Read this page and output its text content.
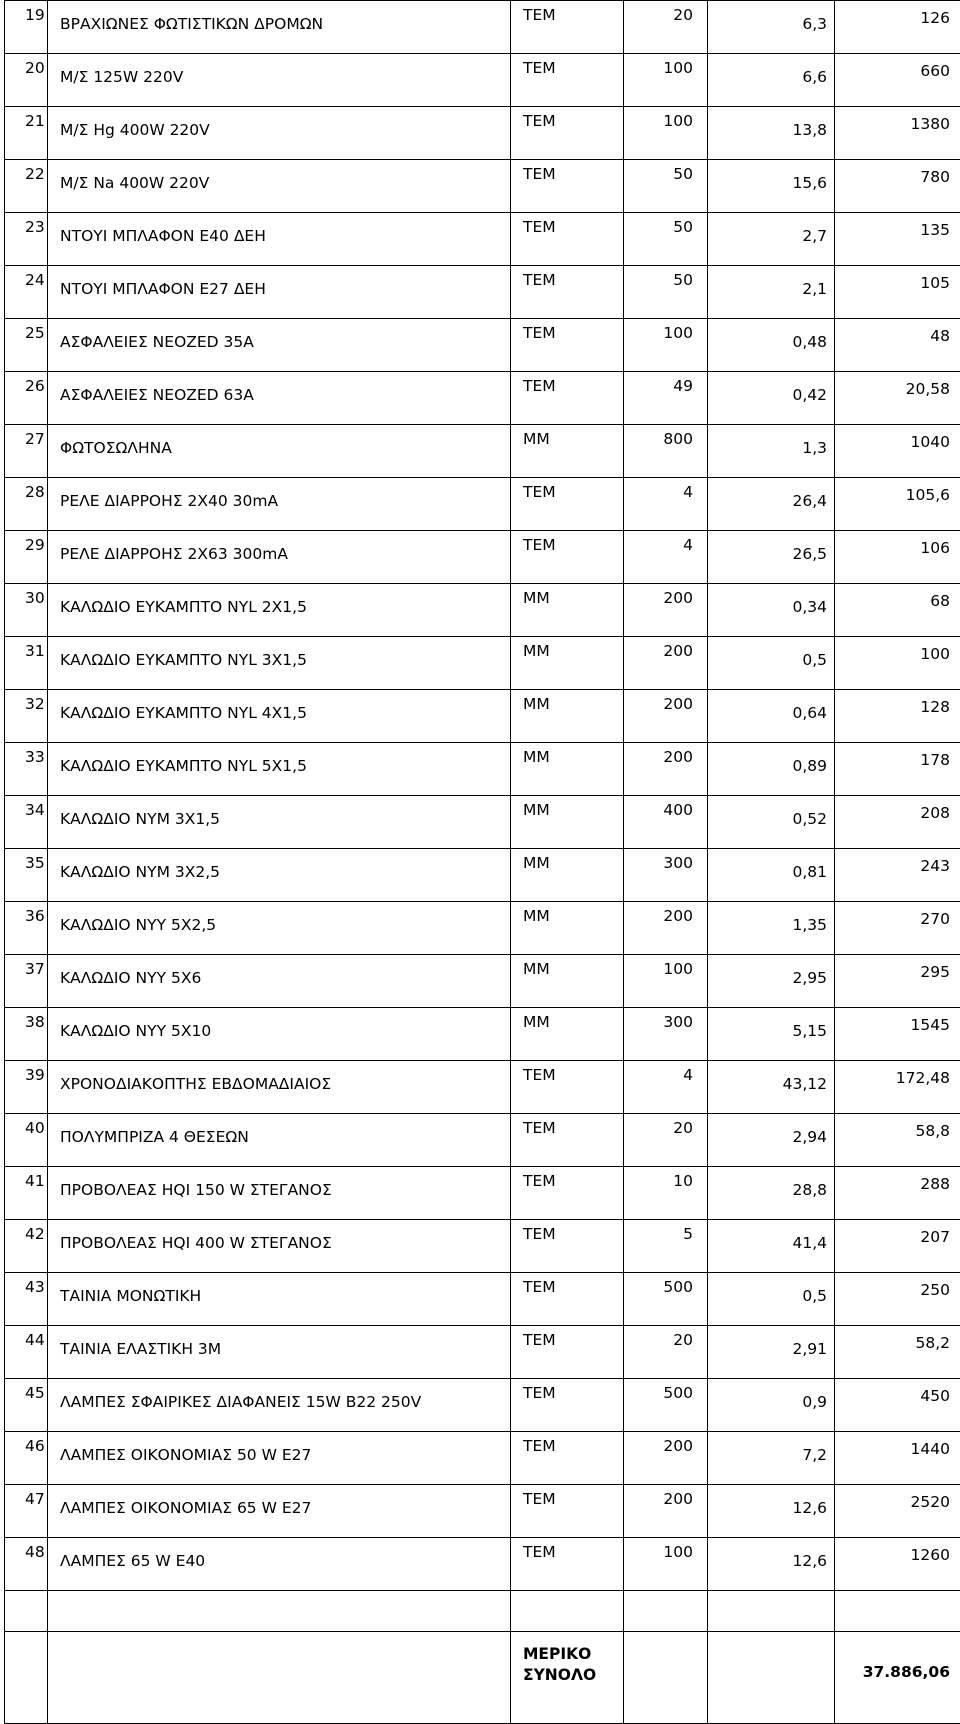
19	ΒΡΑΧΙΩΝΕΣ ΦΩΤΙΣΤΙΚΩΝ ΔΡΟΜΩΝ	ΤΕΜ	20	6,3	126
20	Μ/Σ 125W 220V	ΤΕΜ	100	6,6	660
21	Μ/Σ Hg 400W 220V	ΤΕΜ	100	13,8	1380
22	Μ/Σ Na 400W 220V	ΤΕΜ	50	15,6	780
23	ΝΤΟΥΙ ΜΠΛΑΦΟΝ Ε40 ΔΕΗ	ΤΕΜ	50	2,7	135
24	ΝΤΟΥΙ ΜΠΛΑΦΟΝ Ε27 ΔΕΗ	ΤΕΜ	50	2,1	105
25	ΑΣΦΑΛΕΙΕΣ ΝΕΟΖED 35A	ΤΕΜ	100	0,48	48
26	ΑΣΦΑΛΕΙΕΣ ΝΕΟΖED 63A	ΤΕΜ	49	0,42	20,58
27	ΦΩΤΟΣΩΛΗΝΑ	ΜΜ	800	1,3	1040
28	ΡΕΛΕ ΔΙΑΡΡΟΗΣ 2Χ40 30mA	ΤΕΜ	4	26,4	105,6
29	ΡΕΛΕ ΔΙΑΡΡΟΗΣ 2Χ63 300mA	ΤΕΜ	4	26,5	106
30	ΚΑΛΩΔΙΟ ΕΥΚΑΜΠΤΟ NYL 2X1,5	ΜΜ	200	0,34	68
31	ΚΑΛΩΔΙΟ ΕΥΚΑΜΠΤΟ NYL 3X1,5	ΜΜ	200	0,5	100
32	ΚΑΛΩΔΙΟ ΕΥΚΑΜΠΤΟ NYL 4X1,5	ΜΜ	200	0,64	128
33	ΚΑΛΩΔΙΟ ΕΥΚΑΜΠΤΟ NYL 5X1,5	ΜΜ	200	0,89	178
34	ΚΑΛΩΔΙΟ NYM 3X1,5	ΜΜ	400	0,52	208
35	ΚΑΛΩΔΙΟ NYM 3X2,5	ΜΜ	300	0,81	243
36	ΚΑΛΩΔΙΟ NYY 5X2,5	ΜΜ	200	1,35	270
37	ΚΑΛΩΔΙΟ NYY 5X6	ΜΜ	100	2,95	295
38	ΚΑΛΩΔΙΟ NYY 5X10	ΜΜ	300	5,15	1545
39	ΧΡΟΝΟΔΙΑΚΟΠΤΗΣ ΕΒΔΟΜΑΔΙΑΙΟΣ	ΤΕΜ	4	43,12	172,48
40	ΠΟΛΥΜΠΡΙΖΑ 4 ΘΕΣΕΩΝ	ΤΕΜ	20	2,94	58,8
41	ΠΡΟΒΟΛΕΑΣ HQI 150 W ΣΤΕΓΑΝΟΣ	ΤΕΜ	10	28,8	288
42	ΠΡΟΒΟΛΕΑΣ HQI 400 W ΣΤΕΓΑΝΟΣ	ΤΕΜ	5	41,4	207
43	ΤΑΙΝΙΑ ΜΟΝΩΤΙΚΗ	ΤΕΜ	500	0,5	250
44	ΤΑΙΝΙΑ ΕΛΑΣΤΙΚΗ 3Μ	ΤΕΜ	20	2,91	58,2
45	ΛΑΜΠΕΣ ΣΦΑΙΡΙΚΕΣ ΔΙΑΦΑΝΕΙΣ 15W B22 250V	ΤΕΜ	500	0,9	450
46	ΛΑΜΠΕΣ ΟΙΚΟΝΟΜΙΑΣ 50 W E27	ΤΕΜ	200	7,2	1440
47	ΛΑΜΠΕΣ ΟΙΚΟΝΟΜΙΑΣ 65 W E27	ΤΕΜ	200	12,6	2520
48	ΛΑΜΠΕΣ 65 W E40	ΤΕΜ	100	12,6	1260

		ΜΕΡΙΚΟ ΣΥΝΟΛΟ			37.886,06
